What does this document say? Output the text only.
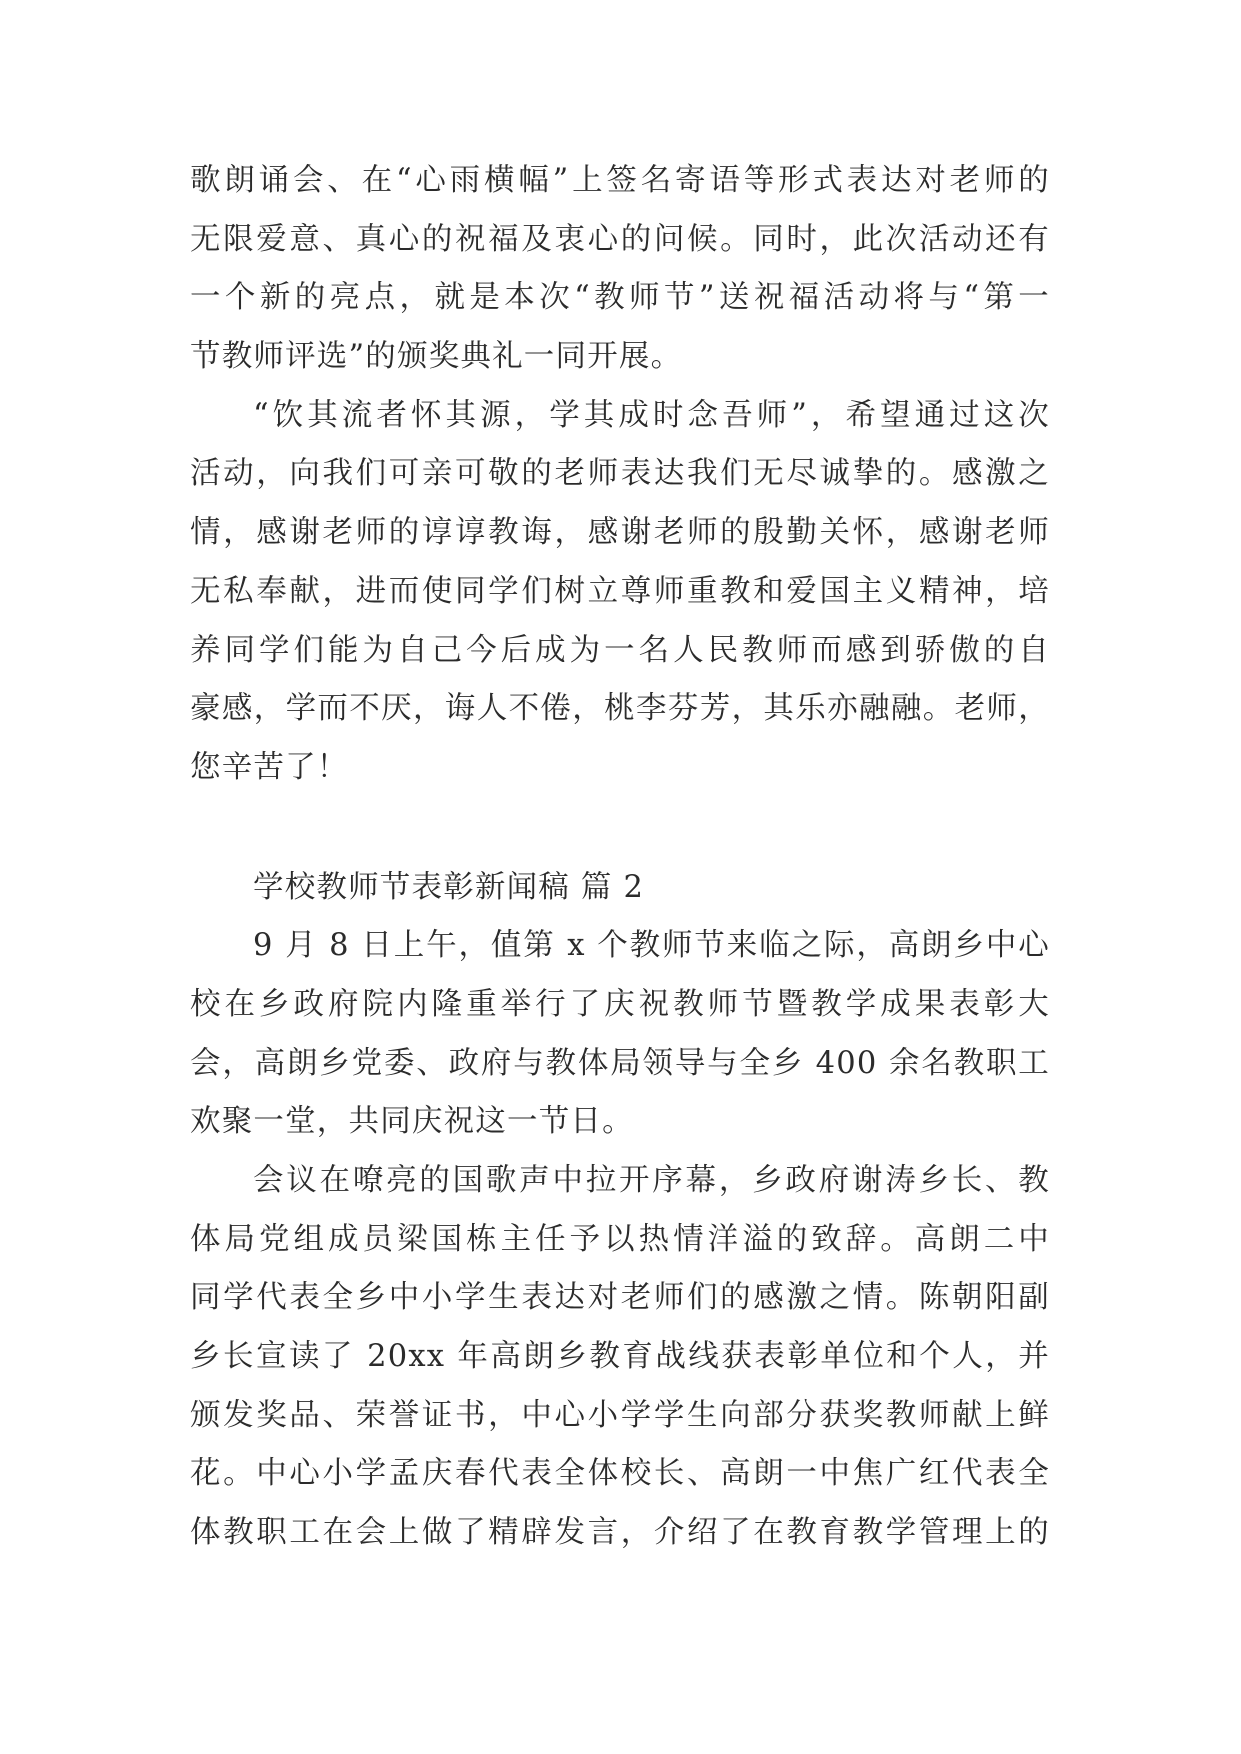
歌朗诵会、在“心雨横幅”上签名寄语等形式表达对老师的
无限爱意、真心的祝福及衷心的问候。同时，此次活动还有
一个新的亮点，就是本次“教师节”送祝福活动将与“第一
节教师评选”的颁奖典礼一同开展。
“饮其流者怀其源，学其成时念吾师”，希望通过这次
活动，向我们可亲可敬的老师表达我们无尽诚挚的。感激之
情，感谢老师的谆谆教诲，感谢老师的殷勤关怀，感谢老师
无私奉献，进而使同学们树立尊师重教和爱国主义精神，培
养同学们能为自己今后成为一名人民教师而感到骄傲的自
豪感，学而不厌，诲人不倦，桃李芬芳，其乐亦融融。老师，
您辛苦了！
学校教师节表彰新闻稿 篇 2
9 月 8 日上午，值第 x 个教师节来临之际，高朗乡中心
校在乡政府院内隆重举行了庆祝教师节暨教学成果表彰大
会，高朗乡党委、政府与教体局领导与全乡 400 余名教职工
欢聚一堂，共同庆祝这一节日。
会议在嘹亮的国歌声中拉开序幕，乡政府谢涛乡长、教
体局党组成员梁国栋主任予以热情洋溢的致辞。高朗二中
同学代表全乡中小学生表达对老师们的感激之情。陈朝阳副
乡长宣读了 20xx 年高朗乡教育战线获表彰单位和个人，并
颁发奖品、荣誉证书，中心小学学生向部分获奖教师献上鲜
花。中心小学孟庆春代表全体校长、高朗一中焦广红代表全
体教职工在会上做了精辟发言，介绍了在教育教学管理上的
